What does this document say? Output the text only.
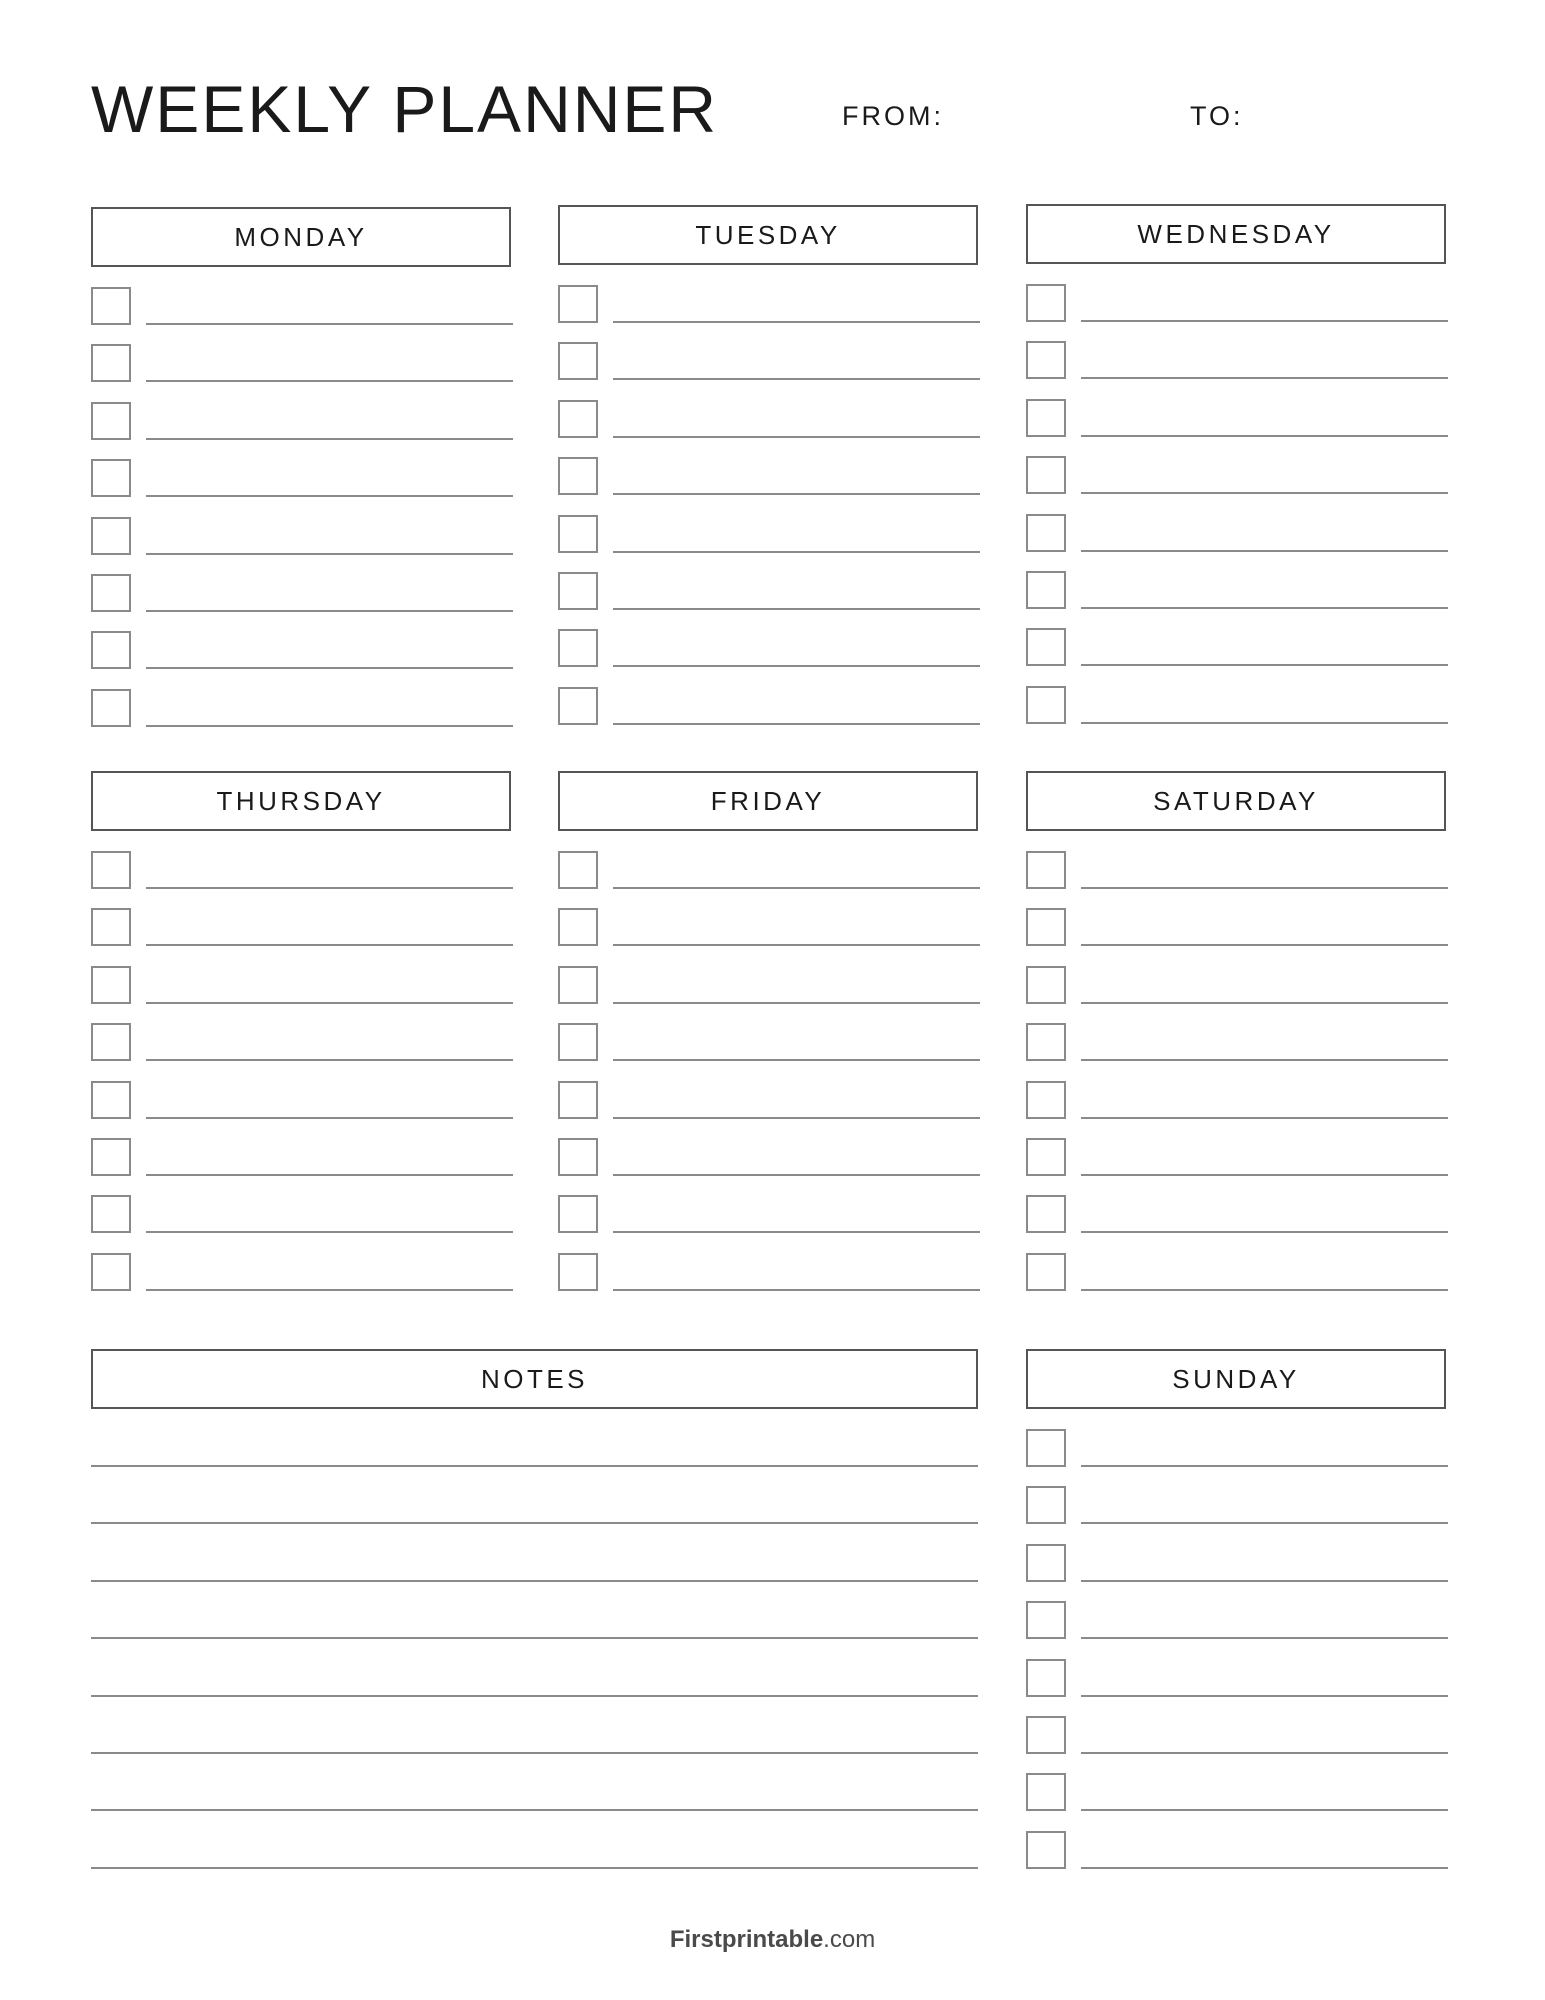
WEEKLY PLANNER	FROM:	TO:
MONDAY	TUESDAY	WEDNESDAY
THURSDAY	FRIDAY	SATURDAY
NOTES	SUNDAY
Firstprintable.com
